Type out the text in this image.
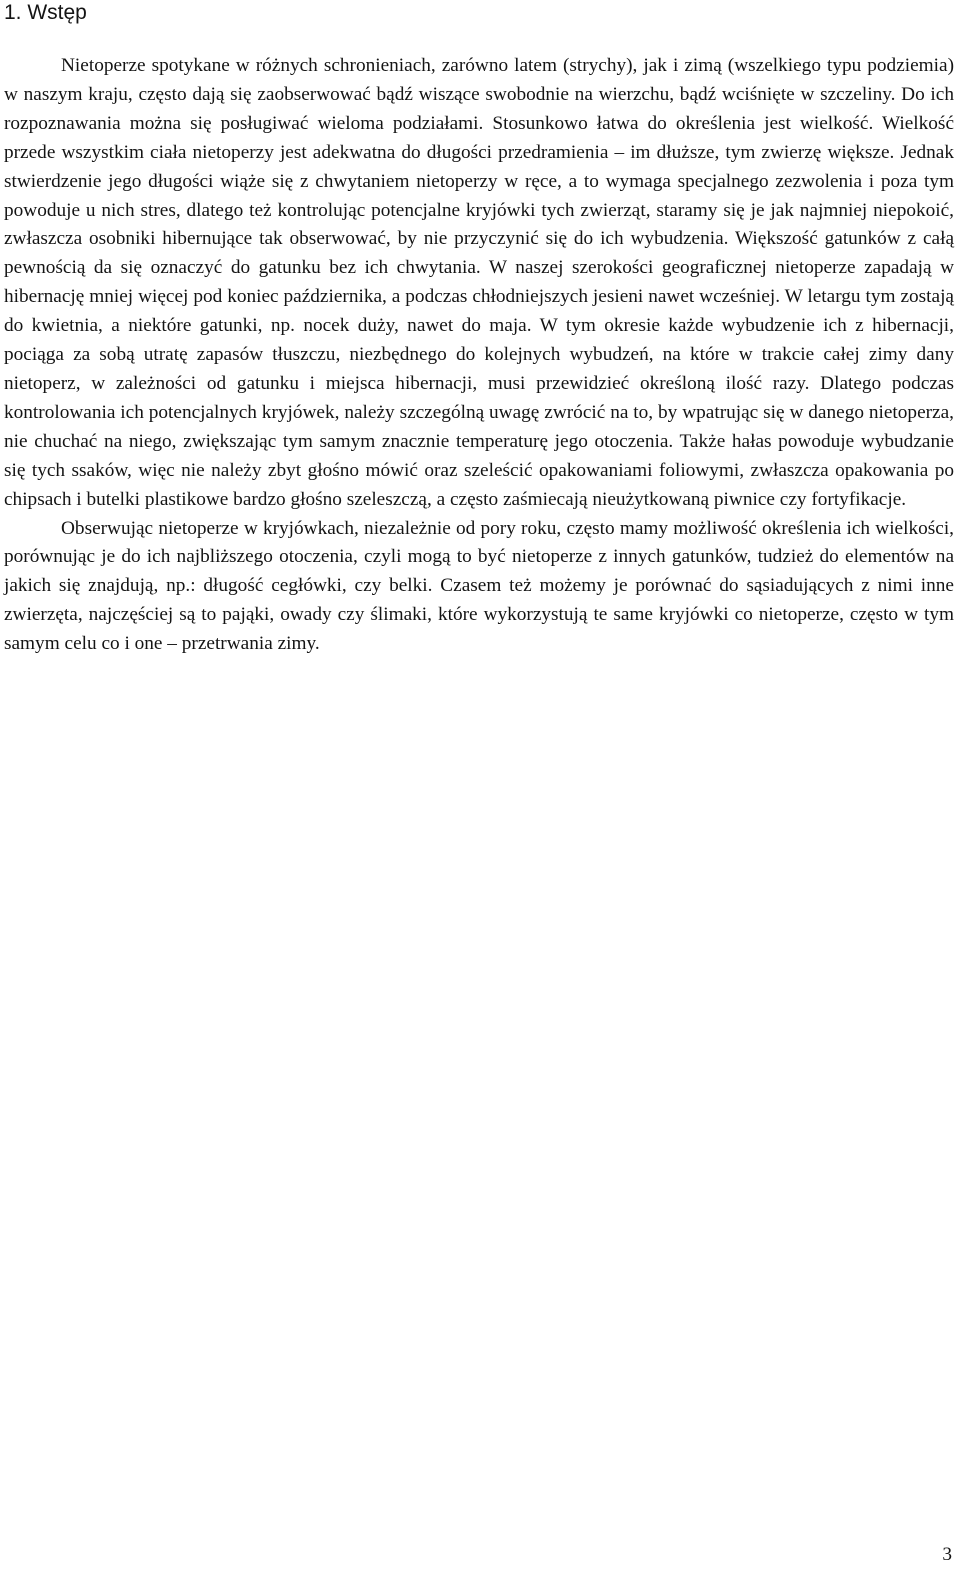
1. Wstęp

Nietoperze spotykane w różnych schronieniach, zarówno latem (strychy), jak i zimą (wszelkiego typu podziemia) w naszym kraju, często dają się zaobserwować bądź wiszące swobodnie na wierzchu, bądź wciśnięte w szczeliny. Do ich rozpoznawania można się posługiwać wieloma podziałami. Stosunkowo łatwa do określenia jest wielkość. Wielkość przede wszystkim ciała nietoperzy jest adekwatna do długości przedramienia – im dłuższe, tym zwierzę większe. Jednak stwierdzenie jego długości wiąże się z chwytaniem nietoperzy w ręce, a to wymaga specjalnego zezwolenia i poza tym powoduje u nich stres, dlatego też kontrolując potencjalne kryjówki tych zwierząt, staramy się je jak najmniej niepokoić, zwłaszcza osobniki hibernujące tak obserwować, by nie przyczynić się do ich wybudzenia. Większość gatunków z całą pewnością da się oznaczyć do gatunku bez ich chwytania. W naszej szerokości geograficznej nietoperze zapadają w hibernację mniej więcej pod koniec października, a podczas chłodniejszych jesieni nawet wcześniej. W letargu tym zostają do kwietnia, a niektóre gatunki, np. nocek duży, nawet do maja. W tym okresie każde wybudzenie ich z hibernacji, pociąga za sobą utratę zapasów tłuszczu, niezbędnego do kolejnych wybudzeń, na które w trakcie całej zimy dany nietoperz, w zależności od gatunku i miejsca hibernacji, musi przewidzieć określoną ilość razy. Dlatego podczas kontrolowania ich potencjalnych kryjówek, należy szczególną uwagę zwrócić na to, by wpatrując się w danego nietoperza, nie chuchać na niego, zwiększając tym samym znacznie temperaturę jego otoczenia. Także hałas powoduje wybudzanie się tych ssaków, więc nie należy zbyt głośno mówić oraz szeleścić opakowaniami foliowymi, zwłaszcza opakowania po chipsach i butelki plastikowe bardzo głośno szeleszczą, a często zaśmiecają nieużytkowaną piwnice czy fortyfikacje.

Obserwując nietoperze w kryjówkach, niezależnie od pory roku, często mamy możliwość określenia ich wielkości, porównując je do ich najbliższego otoczenia, czyli mogą to być nietoperze z innych gatunków, tudzież do elementów na jakich się znajdują, np.: długość cegłówki, czy belki. Czasem też możemy je porównać do sąsiadujących z nimi inne zwierzęta, najczęściej są to pająki, owady czy ślimaki, które wykorzystują te same kryjówki co nietoperze, często w tym samym celu co i one – przetrwania zimy.

3
